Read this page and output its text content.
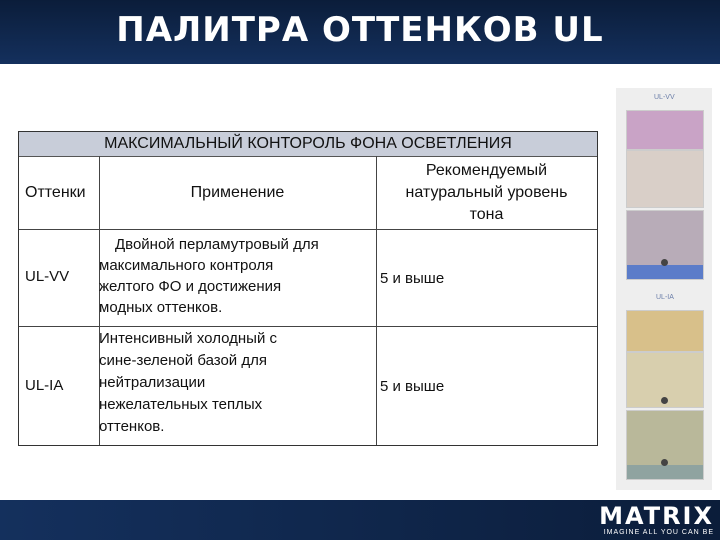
ПАЛИТРА ОТТЕНКОВ UL
МАКСИМАЛЬНЫЙ КОНТОРОЛЬ ФОНА ОСВЕТЛЕНИЯ
Оттенки	Применение
Рекомендуемый
натуральный уровень
тона
UL-VV
Двойной перламутровый для
максимального контроля
желтого ФО и достижения
модных оттенков.
5 и выше
UL-IA
Интенсивный холодный с
сине-зеленой базой для
нейтрализации
нежелательных теплых
оттенков.
5 и выше
UL-VV
UL-IA
MATRIX
IMAGINE ALL YOU CAN BE
